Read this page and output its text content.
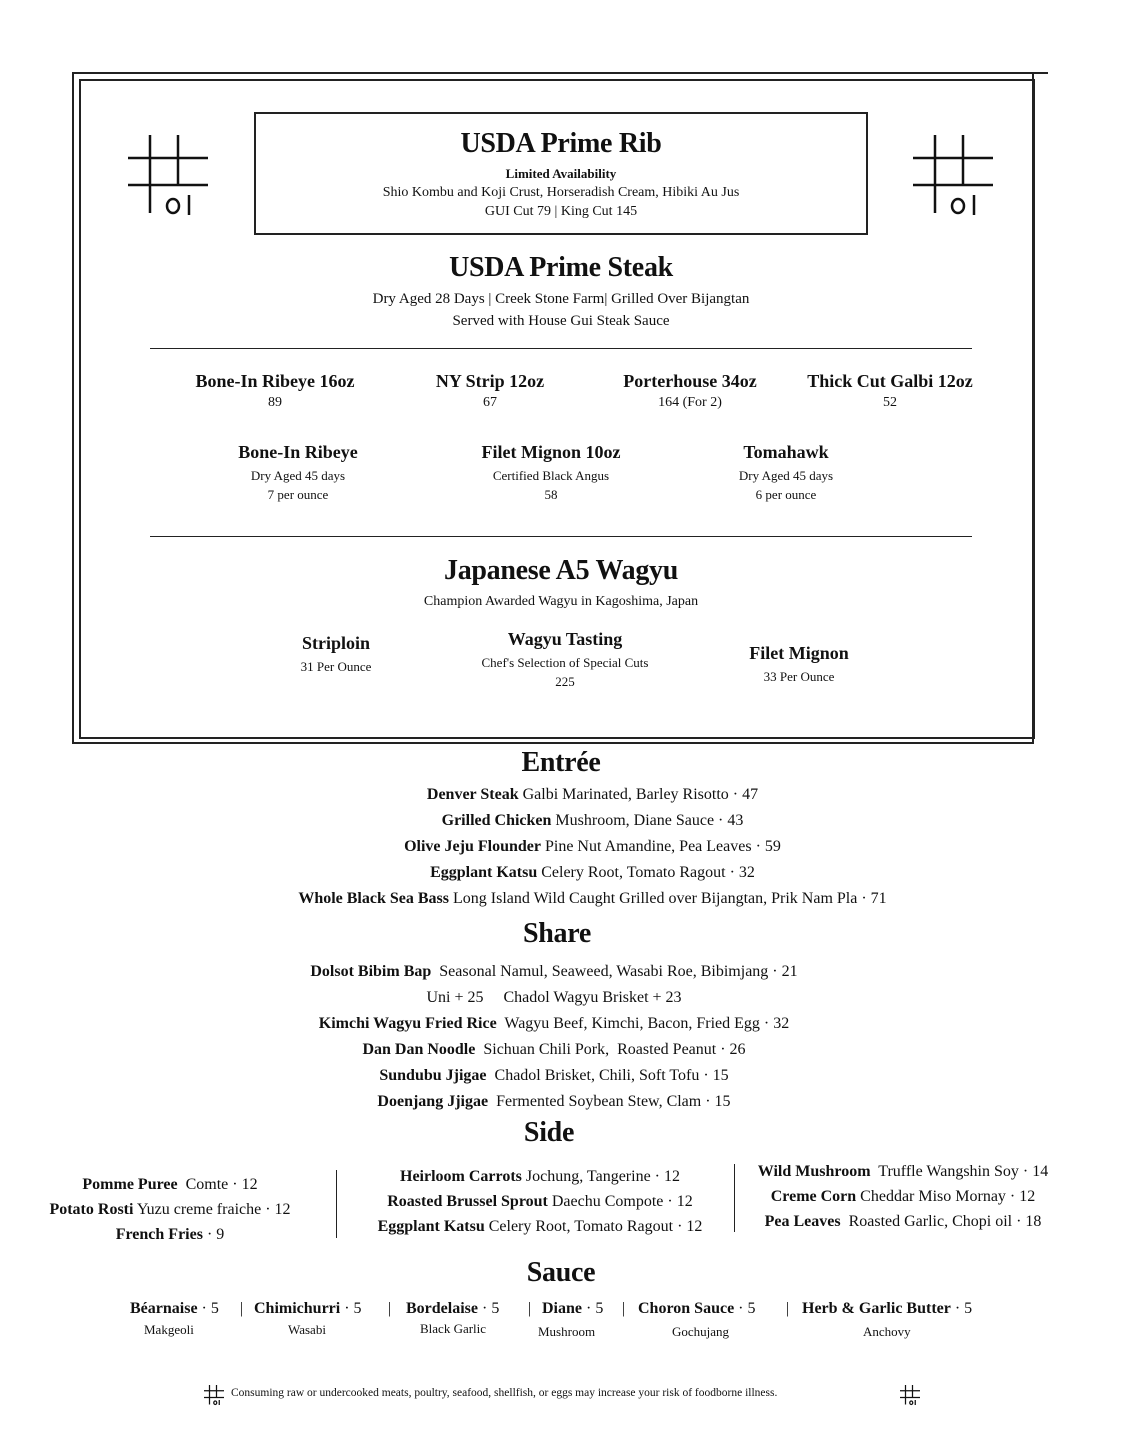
USDA Prime Rib
Limited Availability
Shio Kombu and Koji Crust, Horseradish Cream, Hibiki Au Jus
GUI Cut 79 | King Cut 145
USDA Prime Steak
Dry Aged 28 Days | Creek Stone Farm| Grilled Over Bijangtan
Served with House Gui Steak Sauce
Bone-In Ribeye 16oz
89
NY Strip 12oz
67
Porterhouse 34oz
164 (For 2)
Thick Cut Galbi 12oz
52
Bone-In Ribeye
Dry Aged 45 days
7 per ounce
Filet Mignon 10oz
Certified Black Angus
58
Tomahawk
Dry Aged 45 days
6 per ounce
Japanese A5 Wagyu
Champion Awarded Wagyu in Kagoshima, Japan
Striploin
31 Per Ounce
Wagyu Tasting
Chef's Selection of Special Cuts
225
Filet Mignon
33 Per Ounce
Entrée
Denver Steak Galbi Marinated, Barley Risotto · 47
Grilled Chicken Mushroom, Diane Sauce · 43
Olive Jeju Flounder Pine Nut Amandine, Pea Leaves · 59
Eggplant Katsu Celery Root, Tomato Ragout · 32
Whole Black Sea Bass Long Island Wild Caught Grilled over Bijangtan, Prik Nam Pla · 71
Share
Dolsot Bibim Bap  Seasonal Namul, Seaweed, Wasabi Roe, Bibimjang · 21
Uni + 25     Chadol Wagyu Brisket + 23
Kimchi Wagyu Fried Rice  Wagyu Beef, Kimchi, Bacon, Fried Egg · 32
Dan Dan Noodle  Sichuan Chili Pork,  Roasted Peanut · 26
Sundubu Jjigae  Chadol Brisket, Chili, Soft Tofu · 15
Doenjang Jjigae  Fermented Soybean Stew, Clam · 15
Side
Pomme Puree  Comte · 12
Potato Rosti Yuzu creme fraiche · 12
French Fries · 9
Heirloom Carrots Jochung, Tangerine · 12
Roasted Brussel Sprout Daechu Compote · 12
Eggplant Katsu Celery Root, Tomato Ragout · 12
Wild Mushroom  Truffle Wangshin Soy · 14
Creme Corn Cheddar Miso Mornay · 12
Pea Leaves  Roasted Garlic, Chopi oil · 18
Sauce
Béarnaise · 5 |
Makgeoli
Chimichurri · 5 |
Wasabi
Bordelaise · 5 |
Black Garlic
Diane · 5 |
Mushroom
Choron Sauce · 5 |
Gochujang
Herb & Garlic Butter · 5
Anchovy
Consuming raw or undercooked meats, poultry, seafood, shellfish, or eggs may increase your risk of foodborne illness.
